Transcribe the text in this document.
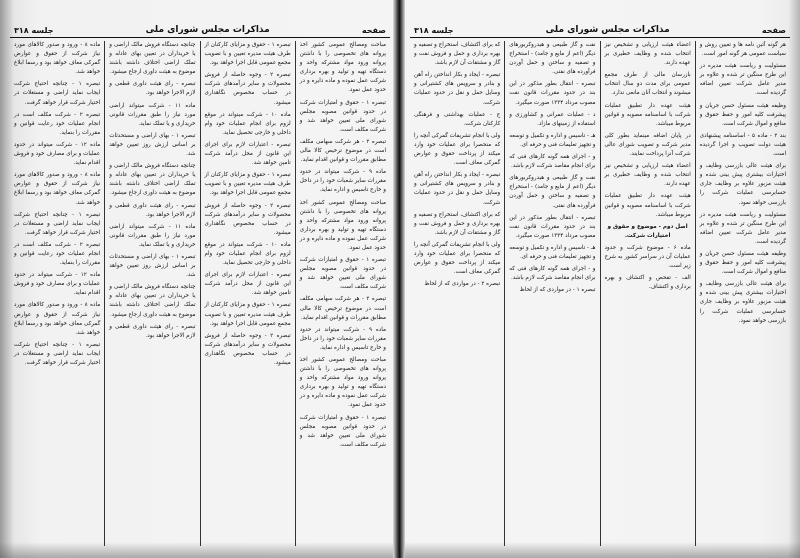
صفحه
مذاکرات مجلس شورای ملی
جلسه ۳۱۸

مباحث ومصالح عمومی کشور اخذ پروانه های تخصوصی را با داشتن پروانه ورود مواد مشتركه واحد و دستگاه تهیه و تولید و بهره برداری شرکت عمل نموده و ماده دایره و در حدود عمل نمود.

تبصره ۱ - حقوق و امتیازات شرکت در حدود قوانین مصوبه مجلس شورای ملی تعیین خواهد شد و شرکت مکلف است.

تبصره ۲ - هر شرکت سهامی مکلف است در موضوع ترخیص کالا مالی مطابق مقررات و قوانین اقدام نماید.

ماده ۹ - شرکت میتواند در حدود مقررات سایر شعبات خود را در داخل و خارج تاسیس و اداره نماید.

مباحث ومصالح عمومی کشور اخذ پروانه های تخصوصی را با داشتن پروانه ورود مواد مشتركه واحد و دستگاه تهیه و تولید و بهره برداری شرکت عمل نموده و ماده دایره و در حدود عمل نمود.

تبصره ۱ - حقوق و امتیازات شرکت در حدود قوانین مصوبه مجلس شورای ملی تعیین خواهد شد و شرکت مکلف است.

تبصره ۲ - هر شرکت سهامی مکلف است در موضوع ترخیص کالا مالی مطابق مقررات و قوانین اقدام نماید.

ماده ۹ - شرکت میتواند در حدود مقررات سایر شعبات خود را در داخل و خارج تاسیس و اداره نماید.

مباحث ومصالح عمومی کشور اخذ پروانه های تخصوصی را با داشتن پروانه ورود مواد مشتركه واحد و دستگاه تهیه و تولید و بهره برداری شرکت عمل نموده و ماده دایره و در حدود عمل نمود.

تبصره ۱ - حقوق و امتیازات شرکت در حدود قوانین مصوبه مجلس شورای ملی تعیین خواهد شد و شرکت مکلف است.

تبصره ۱ - حقوق و مزایای کارکنان از طرف هیئت مدیره تعیین و با تصویب مجمع عمومی قابل اجرا خواهد بود.

تبصره ۲ - وجوه حاصله از فروش محصولات و سایر درآمدهای شرکت در حساب مخصوص نگاهداری میشود.

ماده ۱۰ - شرکت میتواند در موقع لزوم برای انجام عملیات خود وام داخلی و خارجی تحصیل نماید.

تبصره - اعتبارات لازم برای اجرای این قانون از محل درآمد شرکت تامین خواهد شد.

تبصره ۱ - حقوق و مزایای کارکنان از طرف هیئت مدیره تعیین و با تصویب مجمع عمومی قابل اجرا خواهد بود.

تبصره ۲ - وجوه حاصله از فروش محصولات و سایر درآمدهای شرکت در حساب مخصوص نگاهداری میشود.

ماده ۱۰ - شرکت میتواند در موقع لزوم برای انجام عملیات خود وام داخلی و خارجی تحصیل نماید.

تبصره - اعتبارات لازم برای اجرای این قانون از محل درآمد شرکت تامین خواهد شد.

تبصره ۱ - حقوق و مزایای کارکنان از طرف هیئت مدیره تعیین و با تصویب مجمع عمومی قابل اجرا خواهد بود.

تبصره ۲ - وجوه حاصله از فروش محصولات و سایر درآمدهای شرکت در حساب مخصوص نگاهداری میشود.

چنانچه دستگاه فروش مالک اراضی و یا خریداران در تعیین بهای عادله و تملک اراضی اختلاف داشته باشند موضوع به هیئت داوری ارجاع میشود.

تبصره - رای هیئت داوری قطعی و لازم الاجرا خواهد بود.

ماده ۱۱ - شرکت میتواند اراضی مورد نیاز را طبق مقررات قانونی خریداری و یا تملک نماید.

تبصره ۱ - بهای اراضی و مستحدثات بر اساس ارزش روز تعیین خواهد شد.

چنانچه دستگاه فروش مالک اراضی و یا خریداران در تعیین بهای عادله و تملک اراضی اختلاف داشته باشند موضوع به هیئت داوری ارجاع میشود.

تبصره - رای هیئت داوری قطعی و لازم الاجرا خواهد بود.

ماده ۱۱ - شرکت میتواند اراضی مورد نیاز را طبق مقررات قانونی خریداری و یا تملک نماید.

تبصره ۱ - بهای اراضی و مستحدثات بر اساس ارزش روز تعیین خواهد شد.

چنانچه دستگاه فروش مالک اراضی و یا خریداران در تعیین بهای عادله و تملک اراضی اختلاف داشته باشند موضوع به هیئت داوری ارجاع میشود.

تبصره - رای هیئت داوری قطعی و لازم الاجرا خواهد بود.

ماده ۸ - ورود و صدور کالاهای مورد نیاز شرکت از حقوق و عوارض گمرکی معاف خواهد بود و رسما ابلاغ خواهد شد.

تبصره ۱ - چنانچه احتیاج شرکت ایجاب نماید اراضی و مستغلات در اختیار شرکت قرار خواهد گرفت.

تبصره ۲ - شرکت مکلف است در انجام عملیات خود رعایت قوانین و مقررات را بنماید.

ماده ۱۲ - شرکت میتواند در حدود عملیات و برای مصارف خود و فروش اقدام نماید.

ماده ۸ - ورود و صدور کالاهای مورد نیاز شرکت از حقوق و عوارض گمرکی معاف خواهد بود و رسما ابلاغ خواهد شد.

تبصره ۱ - چنانچه احتیاج شرکت ایجاب نماید اراضی و مستغلات در اختیار شرکت قرار خواهد گرفت.

تبصره ۲ - شرکت مکلف است در انجام عملیات خود رعایت قوانین و مقررات را بنماید.

ماده ۱۲ - شرکت میتواند در حدود عملیات و برای مصارف خود و فروش اقدام نماید.

ماده ۸ - ورود و صدور کالاهای مورد نیاز شرکت از حقوق و عوارض گمرکی معاف خواهد بود و رسما ابلاغ خواهد شد.

تبصره ۱ - چنانچه احتیاج شرکت ایجاب نماید اراضی و مستغلات در اختیار شرکت قرار خواهد گرفت.

صفحه
مذاکرات مجلس شورای ملی
جلسه ۳۱۸

هر گونه آئین نامه ها و تعیین روش و سیاست عمومی هر گونه امور است.

مسئولیت و ریاست هیئت مدیره در این طرح سنگین تر شده و علاوه بر مدیر عامل شرکت تعیین اضافه گردیده است.

وظیفه هیئت مسئول حسن جریان و پیشرفت کلیه امور و حفظ حقوق و منافع و اموال شرکت است.

بند ۲ - ماده ۵ - اساسنامه پیشنهادی هیئت دولت تصویب و اجرا گردیده است.

برای هیئت عالی بازرسی وظایف و اختیارات بیشتری پیش بینی شده و هیئت مزبور علاوه بر وظایف جاری حسابرسی عملیات شرکت را بازرسی خواهد نمود.

مسئولیت و ریاست هیئت مدیره در این طرح سنگین تر شده و علاوه بر مدیر عامل شرکت تعیین اضافه گردیده است.

وظیفه هیئت مسئول حسن جریان و پیشرفت کلیه امور و حفظ حقوق و منافع و اموال شرکت است.

برای هیئت عالی بازرسی وظایف و اختیارات بیشتری پیش بینی شده و هیئت مزبور علاوه بر وظایف جاری حسابرسی عملیات شرکت را بازرسی خواهد نمود.

اعضاء هیئت ارزیابی و تشخیص نیز انتخاب شده و وظایف خطیری بر عهده دارند.

بازرسان مالی از طرف مجمع عمومی برای مدت دو سال انتخاب میشوند و انتخاب آنان مانعی ندارد.

هیئت عهده دار تطبیق عملیات شرکت با اساسنامه مصوبه و قوانین مربوط میباشد.

در پایان اضافه مینماید بطور کلی مدیر شرکت و تصویب شورای عالی شرکت آنرا پرداخت نمایند.

اعضاء هیئت ارزیابی و تشخیص نیز انتخاب شده و وظایف خطیری بر عهده دارند.

هیئت عهده دار تطبیق عملیات شرکت با اساسنامه مصوبه و قوانین مربوط میباشد.

اصل دوم - موضوع و حقوق و اختیارات شرکت.

ماده ۶ - موضوع شرکت و حدود عملیات آن در سراسر کشور به شرح زیر است.

الف - تفحص و اکتشاف و بهره برداری و اکتشاف.

نفت و گاز طبیعی و هیدروکربورهای دیگر (اعم از مایع و جامد) - استخراج و تصفیه و ساختن و حمل آوردن فرآورده های نفتی.

تبصره - انتقال بطور مذکور در این بند در حدود مقررات قانون نفت مصوب مرداد ۱۳۳۴ صورت میگیرد.

د - عملیات عمرانی و کشاورزی و استفاده از زمینهای مازاد.

هـ - تاسیس و اداره و تکمیل و توسعه و تجهیز تعلیمات فنی و حرفه ای.

و - اجرای همه گونه کارهای فنی که برای انجام مقاصد شرکت لازم باشد.

نفت و گاز طبیعی و هیدروکربورهای دیگر (اعم از مایع و جامد) - استخراج و تصفیه و ساختن و حمل آوردن فرآورده های نفتی.

تبصره - انتقال بطور مذکور در این بند در حدود مقررات قانون نفت مصوب مرداد ۱۳۳۴ صورت میگیرد.

هـ - تاسیس و اداره و تکمیل و توسعه و تجهیز تعلیمات فنی و حرفه ای.

و - اجرای همه گونه کارهای فنی که برای انجام مقاصد شرکت لازم باشد.

تبصره ۱ - در مواردی که از لحاظ

که برای اکتشاف، استخراج و تصفیه و بهره برداری و حمل و فروش نفت و گاز و مشتقات آن لازم باشد.

تبصره - ایجاد و بکار انداختن راه آهن و بنادر و سرویس های کشتیرانی و وسایل حمل و نقل در حدود عملیات شرکت.

ج - عملیات بهداشتی و فرهنگی کارکنان شرکت.

ولی با انجام تشریفات گمرکی آنچه را که منحصرا برای عملیات خود وارد میکند از پرداخت حقوق و عوارض گمرکی معاف است.

تبصره - ایجاد و بکار انداختن راه آهن و بنادر و سرویس های کشتیرانی و وسایل حمل و نقل در حدود عملیات شرکت.

که برای اکتشاف، استخراج و تصفیه و بهره برداری و حمل و فروش نفت و گاز و مشتقات آن لازم باشد.

ولی با انجام تشریفات گمرکی آنچه را که منحصرا برای عملیات خود وارد میکند از پرداخت حقوق و عوارض گمرکی معاف است.

تبصره ۲ - در مواردی که از لحاظ
